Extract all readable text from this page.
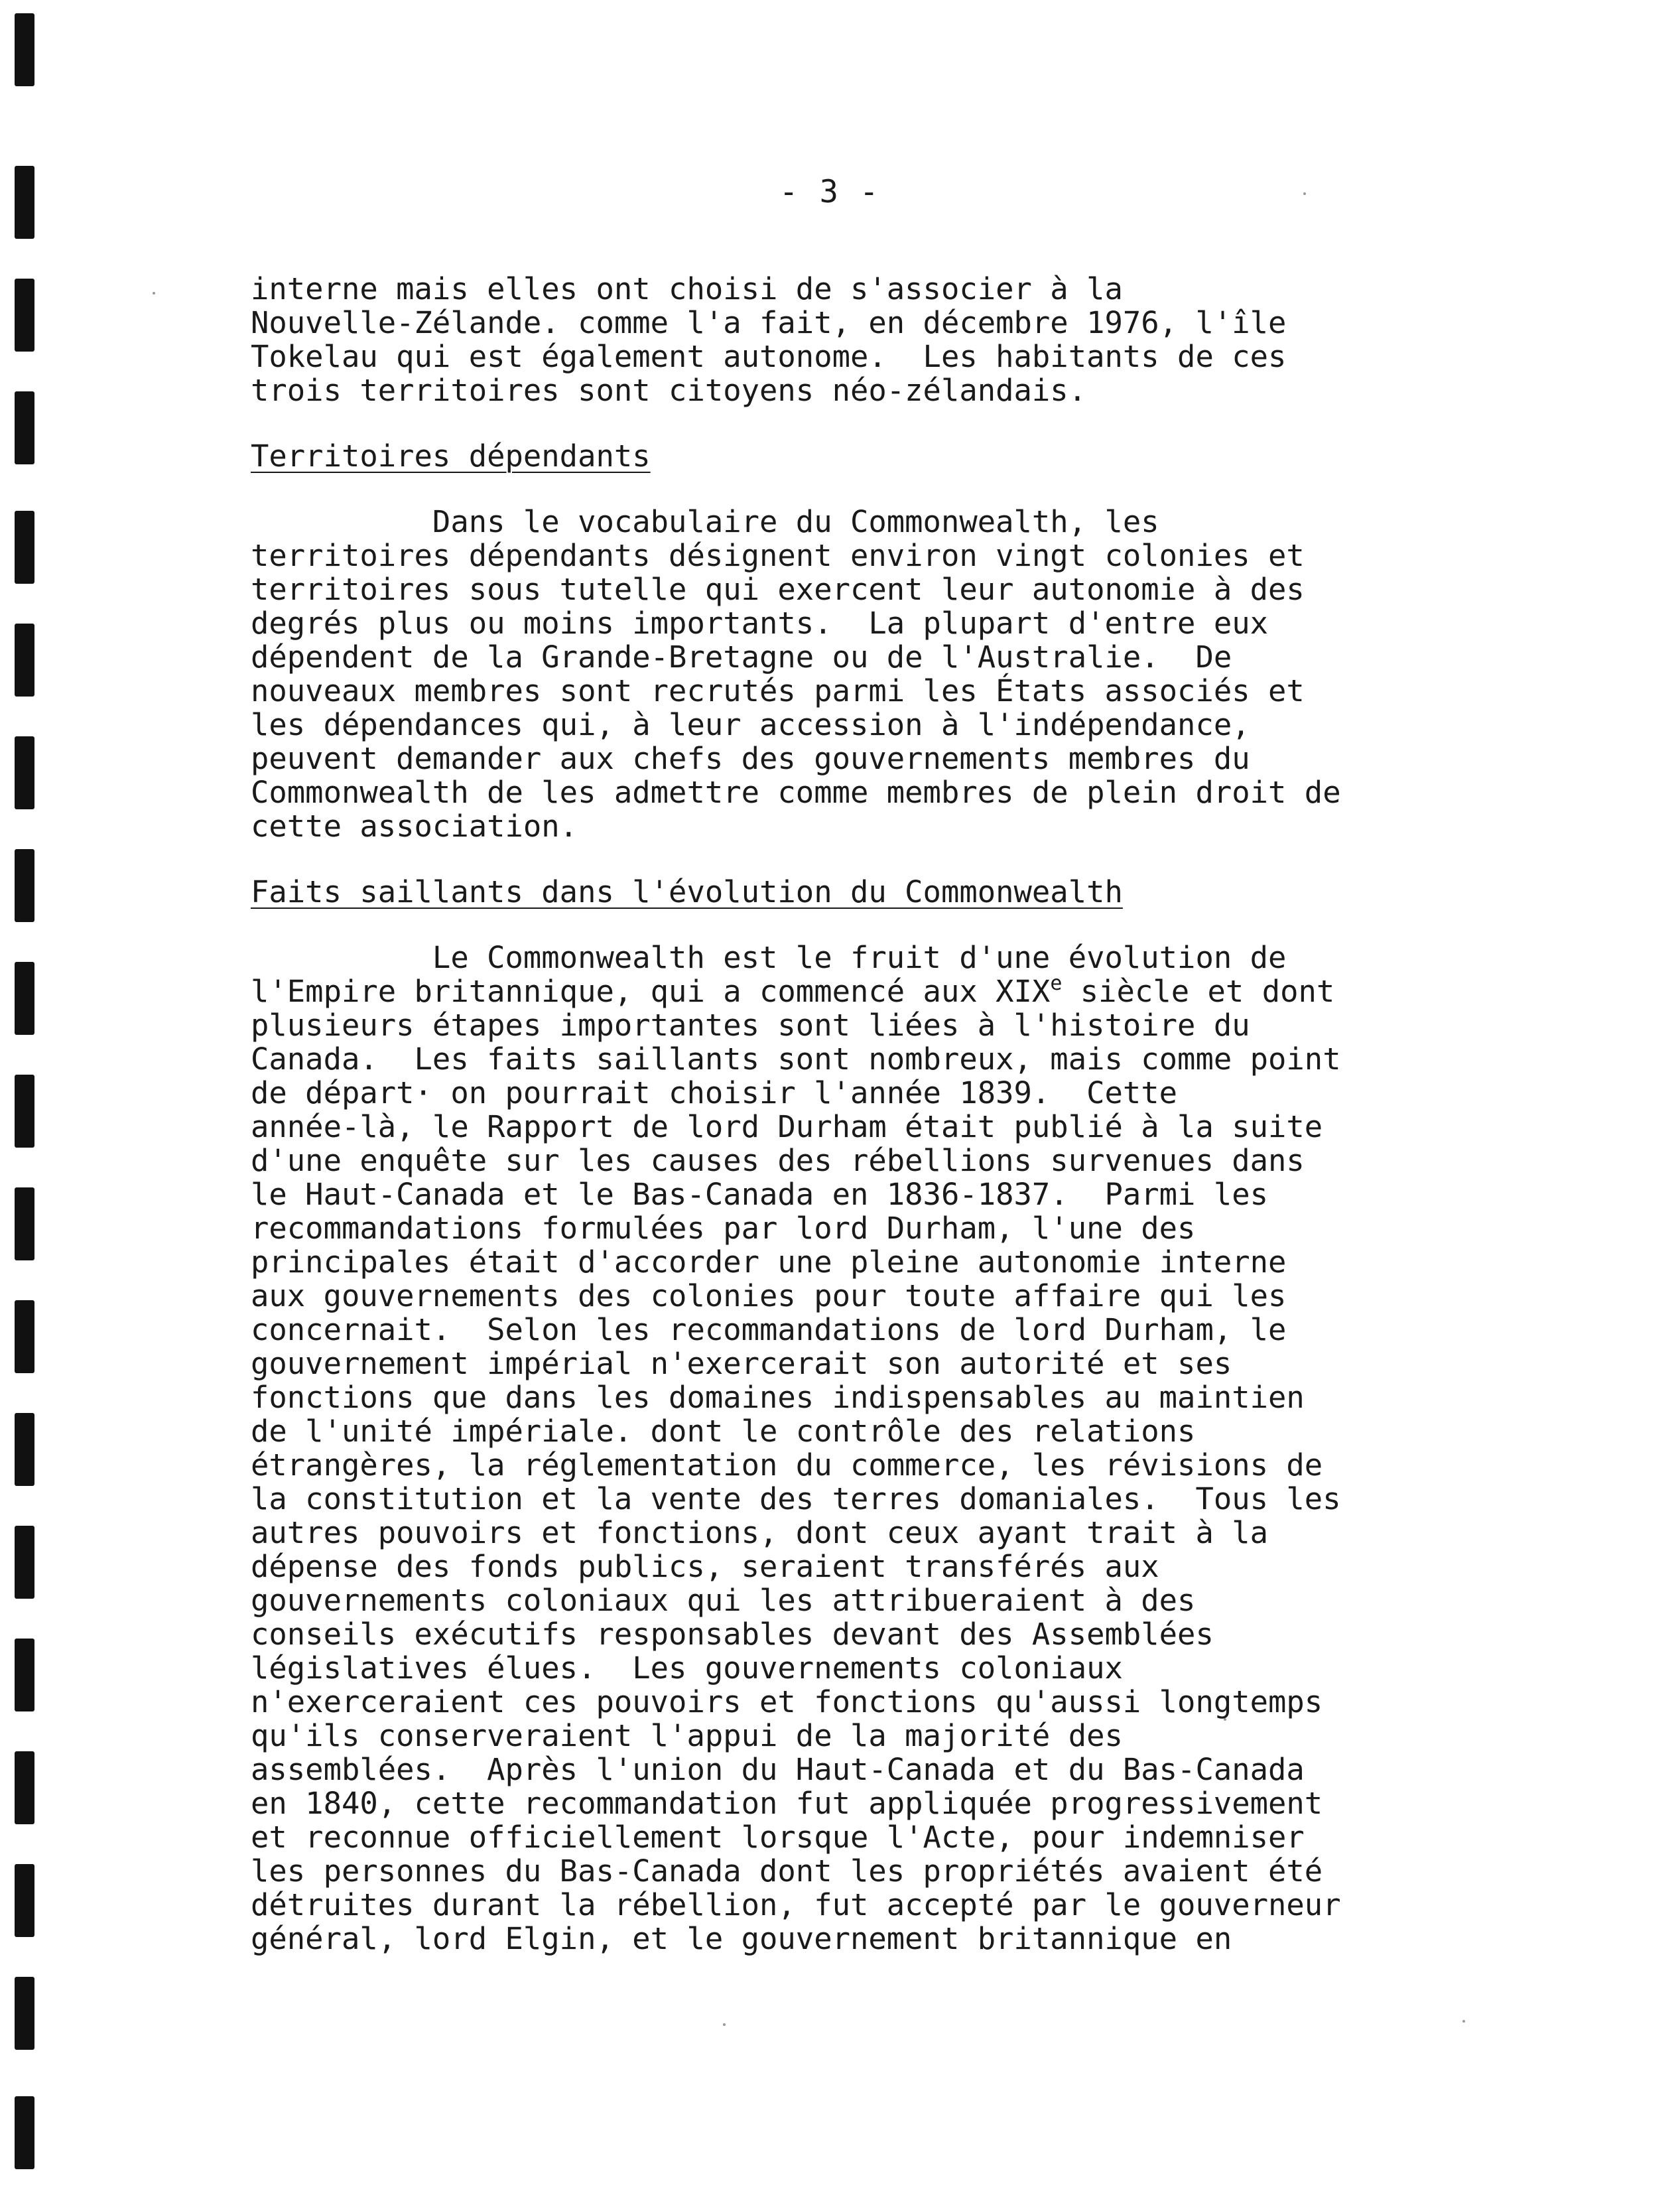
- 3 -
interne mais elles ont choisi de s'associer à la
Nouvelle-Zélande. comme l'a fait, en décembre 1976, l'île
Tokelau qui est également autonome.  Les habitants de ces
trois territoires sont citoyens néo-zélandais.
Territoires dépendants
Dans le vocabulaire du Commonwealth, les
territoires dépendants désignent environ vingt colonies et
territoires sous tutelle qui exercent leur autonomie à des
degrés plus ou moins importants.  La plupart d'entre eux
dépendent de la Grande-Bretagne ou de l'Australie.  De
nouveaux membres sont recrutés parmi les États associés et
les dépendances qui, à leur accession à l'indépendance,
peuvent demander aux chefs des gouvernements membres du
Commonwealth de les admettre comme membres de plein droit de
cette association.
Faits saillants dans l'évolution du Commonwealth
Le Commonwealth est le fruit d'une évolution de
l'Empire britannique, qui a commencé aux XIXe siècle et dont
plusieurs étapes importantes sont liées à l'histoire du
Canada.  Les faits saillants sont nombreux, mais comme point
de départ· on pourrait choisir l'année 1839.  Cette
année-là, le Rapport de lord Durham était publié à la suite
d'une enquête sur les causes des rébellions survenues dans
le Haut-Canada et le Bas-Canada en 1836-1837.  Parmi les
recommandations formulées par lord Durham, l'une des
principales était d'accorder une pleine autonomie interne
aux gouvernements des colonies pour toute affaire qui les
concernait.  Selon les recommandations de lord Durham, le
gouvernement impérial n'exercerait son autorité et ses
fonctions que dans les domaines indispensables au maintien
de l'unité impériale. dont le contrôle des relations
étrangères, la réglementation du commerce, les révisions de
la constitution et la vente des terres domaniales.  Tous les
autres pouvoirs et fonctions, dont ceux ayant trait à la
dépense des fonds publics, seraient transférés aux
gouvernements coloniaux qui les attribueraient à des
conseils exécutifs responsables devant des Assemblées
législatives élues.  Les gouvernements coloniaux
n'exerceraient ces pouvoirs et fonctions qu'aussi longtemps
qu'ils conserveraient l'appui de la majorité des
assemblées.  Après l'union du Haut-Canada et du Bas-Canada
en 1840, cette recommandation fut appliquée progressivement
et reconnue officiellement lorsque l'Acte, pour indemniser
les personnes du Bas-Canada dont les propriétés avaient été
détruites durant la rébellion, fut accepté par le gouverneur
général, lord Elgin, et le gouvernement britannique en
